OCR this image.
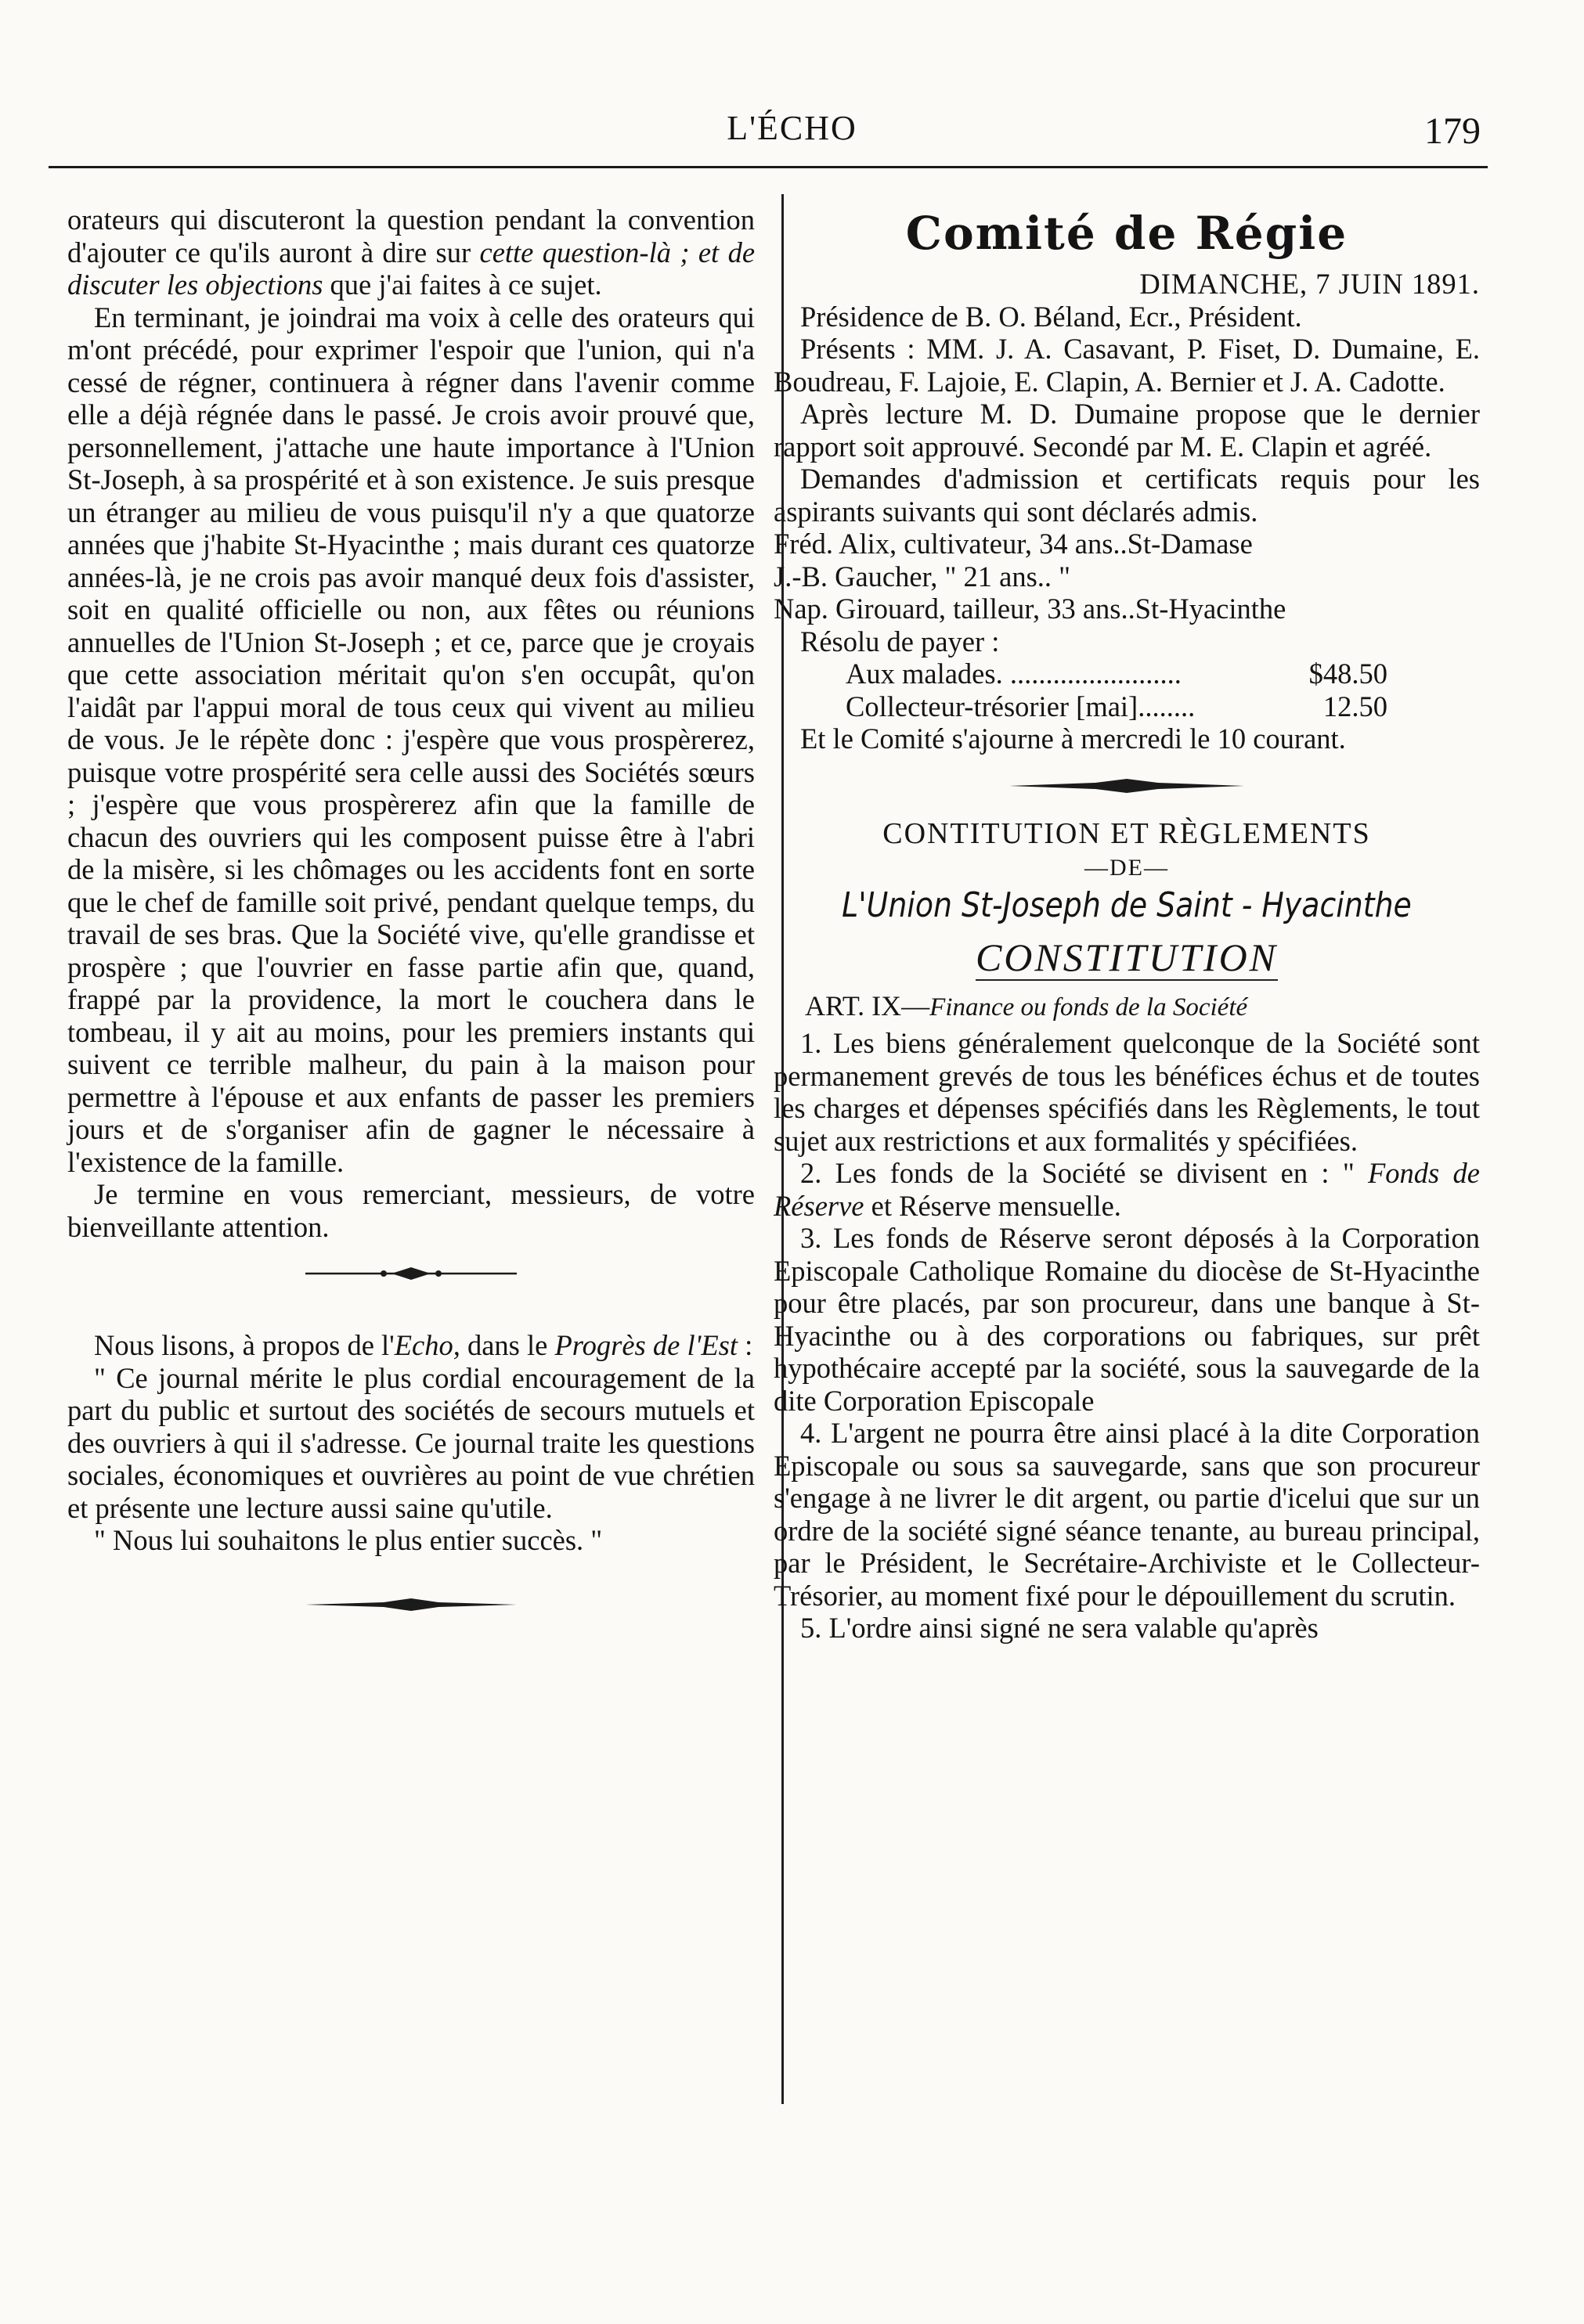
L'ÉCHO	179

orateurs qui discuteront la question pendant la convention d'ajouter ce qu'ils auront à dire sur cette question-là ; et de discuter les objections que j'ai faites à ce sujet.

En terminant, je joindrai ma voix à celle des orateurs qui m'ont précédé, pour exprimer l'espoir que l'union, qui n'a cessé de régner, continuera à régner dans l'avenir comme elle a déjà régnée dans le passé. Je crois avoir prouvé que, personnellement, j'attache une haute importance à l'Union St-Joseph, à sa prospérité et à son existence. Je suis presque un étranger au milieu de vous puisqu'il n'y a que quatorze années que j'habite St-Hyacinthe ; mais durant ces quatorze années-là, je ne crois pas avoir manqué deux fois d'assister, soit en qualité officielle ou non, aux fêtes ou réunions annuelles de l'Union St-Joseph ; et ce, parce que je croyais que cette association méritait qu'on s'en occupât, qu'on l'aidât par l'appui moral de tous ceux qui vivent au milieu de vous. Je le répète donc : j'espère que vous prospèrerez, puisque votre prospérité sera celle aussi des Sociétés sœurs ; j'espère que vous prospèrerez afin que la famille de chacun des ouvriers qui les composent puisse être à l'abri de la misère, si les chômages ou les accidents font en sorte que le chef de famille soit privé, pendant quelque temps, du travail de ses bras. Que la Société vive, qu'elle grandisse et prospère ; que l'ouvrier en fasse partie afin que, quand, frappé par la providence, la mort le couchera dans le tombeau, il y ait au moins, pour les premiers instants qui suivent ce terrible malheur, du pain à la maison pour permettre à l'épouse et aux enfants de passer les premiers jours et de s'organiser afin de gagner le nécessaire à l'existence de la famille.

Je termine en vous remerciant, messieurs, de votre bienveillante attention.

Nous lisons, à propos de l'Echo, dans le Progrès de l'Est :

" Ce journal mérite le plus cordial encouragement de la part du public et surtout des sociétés de secours mutuels et des ouvriers à qui il s'adresse. Ce journal traite les questions sociales, économiques et ouvrières au point de vue chrétien et présente une lecture aussi saine qu'utile.

" Nous lui souhaitons le plus entier succès. "

Comité de Régie
DIMANCHE, 7 JUIN 1891.

Présidence de B. O. Béland, Ecr., Président.

Présents : MM. J. A. Casavant, P. Fiset, D. Dumaine, E. Boudreau, F. Lajoie, E. Clapin, A. Bernier et J. A. Cadotte.

Après lecture M. D. Dumaine propose que le dernier rapport soit approuvé. Secondé par M. E. Clapin et agréé.

Demandes d'admission et certificats requis pour les aspirants suivants qui sont déclarés admis.

Fréd. Alix, cultivateur, 34 ans..St-Damase

J.-B. Gaucher, " 21 ans.. "

Nap. Girouard, tailleur, 33 ans..St-Hyacinthe

Résolu de payer :

Aux malades. ........................	$48.50
Collecteur-trésorier [mai]........	12.50

Et le Comité s'ajourne à mercredi le 10 courant.

CONTITUTION ET RÈGLEMENTS
—DE—
L'Union St-Joseph de Saint - Hyacinthe
CONSTITUTION
ART. IX—Finance ou fonds de la Société

1. Les biens généralement quelconque de la Société sont permanement grevés de tous les bénéfices échus et de toutes les charges et dépenses spécifiés dans les Règlements, le tout sujet aux restrictions et aux formalités y spécifiées.

2. Les fonds de la Société se divisent en : " Fonds de Réserve et Réserve mensuelle.

3. Les fonds de Réserve seront déposés à la Corporation Episcopale Catholique Romaine du diocèse de St-Hyacinthe pour être placés, par son procureur, dans une banque à St-Hyacinthe ou à des corporations ou fabriques, sur prêt hypothécaire accepté par la société, sous la sauvegarde de la dite Corporation Episcopale

4. L'argent ne pourra être ainsi placé à la dite Corporation Episcopale ou sous sa sauvegarde, sans que son procureur s'engage à ne livrer le dit argent, ou partie d'icelui que sur un ordre de la société signé séance tenante, au bureau principal, par le Président, le Secrétaire-Archiviste et le Collecteur-Trésorier, au moment fixé pour le dépouillement du scrutin.

5. L'ordre ainsi signé ne sera valable qu'après
